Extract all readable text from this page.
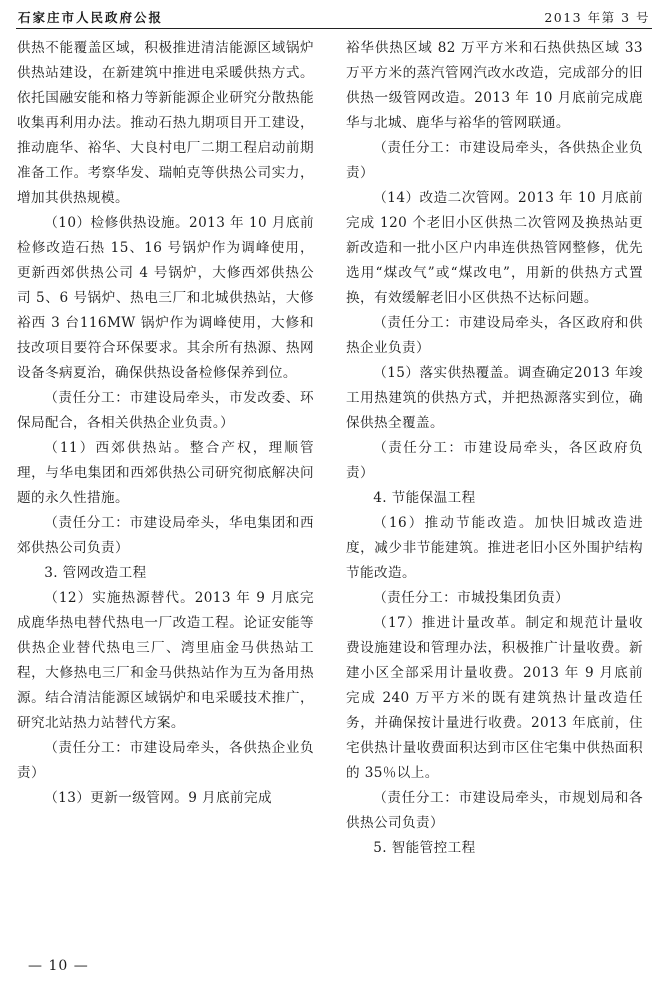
石家庄市人民政府公报	2013 年第 3 号

供热不能覆盖区域，积极推进清洁能源区域锅炉供热站建设，在新建筑中推进电采暖供热方式。依托国融安能和格力等新能源企业研究分散热能收集再利用办法。推动石热九期项目开工建设，推动鹿华、裕华、大良村电厂二期工程启动前期准备工作。考察华发、瑞帕克等供热公司实力，增加其供热规模。

（10）检修供热设施。2013 年 10 月底前检修改造石热 15、16 号锅炉作为调峰使用，更新西郊供热公司 4 号锅炉，大修西郊供热公司 5、6 号锅炉、热电三厂和北城供热站，大修裕西 3 台116MW 锅炉作为调峰使用，大修和技改项目要符合环保要求。其余所有热源、热网设备冬病夏治，确保供热设备检修保养到位。

（责任分工：市建设局牵头，市发改委、环保局配合，各相关供热企业负责。）

（11）西郊供热站。整合产权，理顺管理，与华电集团和西郊供热公司研究彻底解决问题的永久性措施。

（责任分工：市建设局牵头，华电集团和西郊供热公司负责）

3. 管网改造工程

（12）实施热源替代。2013 年 9 月底完成鹿华热电替代热电一厂改造工程。论证安能等供热企业替代热电三厂、湾里庙金马供热站工程，大修热电三厂和金马供热站作为互为备用热源。结合清洁能源区域锅炉和电采暖技术推广，研究北站热力站替代方案。

（责任分工：市建设局牵头，各供热企业负责）

（13）更新一级管网。9 月底前完成

裕华供热区域 82 万平方米和石热供热区域 33 万平方米的蒸汽管网汽改水改造，完成部分的旧供热一级管网改造。2013 年 10 月底前完成鹿华与北城、鹿华与裕华的管网联通。

（责任分工：市建设局牵头，各供热企业负责）

（14）改造二次管网。2013 年 10 月底前完成 120 个老旧小区供热二次管网及换热站更新改造和一批小区户内串连供热管网整修，优先选用“煤改气”或“煤改电”，用新的供热方式置换，有效缓解老旧小区供热不达标问题。

（责任分工：市建设局牵头，各区政府和供热企业负责）

（15）落实供热覆盖。调查确定2013 年竣工用热建筑的供热方式，并把热源落实到位，确保供热全覆盖。

（责任分工：市建设局牵头，各区政府负责）

4. 节能保温工程

（16）推动节能改造。加快旧城改造进度，减少非节能建筑。推进老旧小区外围护结构节能改造。

（责任分工：市城投集团负责）

（17）推进计量改革。制定和规范计量收费设施建设和管理办法，积极推广计量收费。新建小区全部采用计量收费。2013 年 9 月底前完成 240 万平方米的既有建筑热计量改造任务，并确保按计量进行收费。2013 年底前，住宅供热计量收费面积达到市区住宅集中供热面积的 35％以上。

（责任分工：市建设局牵头，市规划局和各供热公司负责）

5. 智能管控工程

— 10 —
